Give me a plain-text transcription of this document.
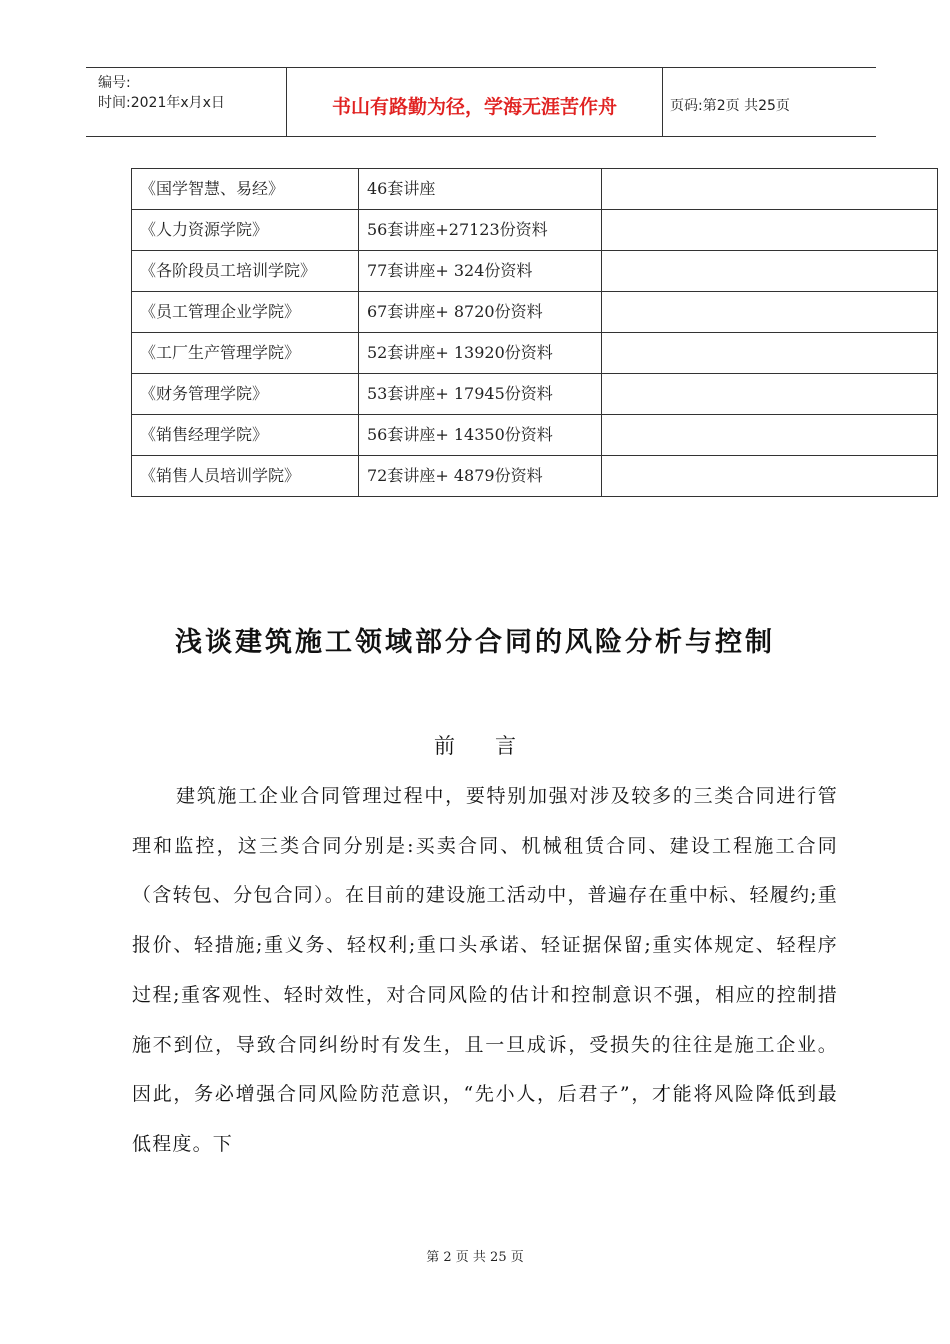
编号:
时间:2021年x月x日	书山有路勤为径，学海无涯苦作舟	页码:第2页 共25页
《国学智慧、易经》	46套讲座	
《人力资源学院》	56套讲座+27123份资料	
《各阶段员工培训学院》	77套讲座+ 324份资料	
《员工管理企业学院》	67套讲座+ 8720份资料	
《工厂生产管理学院》	52套讲座+ 13920份资料	
《财务管理学院》	53套讲座+ 17945份资料	
《销售经理学院》	56套讲座+ 14350份资料	
《销售人员培训学院》	72套讲座+ 4879份资料	
浅谈建筑施工领域部分合同的风险分析与控制
前言

建筑施工企业合同管理过程中，要特别加强对涉及较多的三类合同进行管理和监控，这三类合同分别是:买卖合同、机械租赁合同、建设工程施工合同（含转包、分包合同）。在目前的建设施工活动中，普遍存在重中标、轻履约;重报价、轻措施;重义务、轻权利;重口头承诺、轻证据保留;重实体规定、轻程序过程;重客观性、轻时效性，对合同风险的估计和控制意识不强，相应的控制措施不到位，导致合同纠纷时有发生，且一旦成诉，受损失的往往是施工企业。因此，务必增强合同风险防范意识，“先小人，后君子”，才能将风险降低到最低程度。下

第 2 页 共 25 页
